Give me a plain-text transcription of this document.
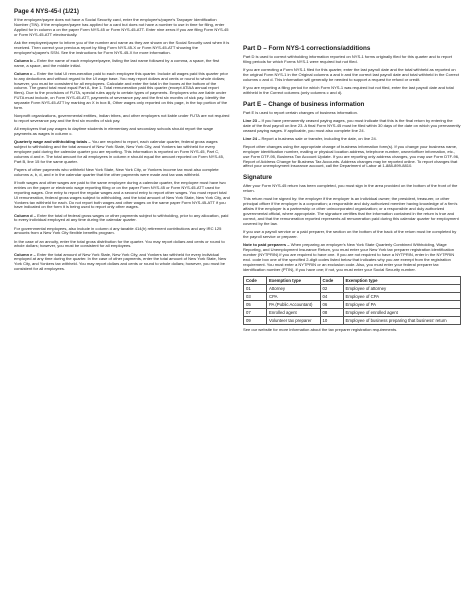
Page 4 NYS-45-I (1/21)

If the employee/payee does not have a Social Security card, enter the employee's/payee's Taxpayer Identification Number (TIN). If the employee/payee has applied for a card but does not have a number to use in time for filing, enter Applied for in column a on the paper Form NYS-45 or Form NYS-45-ATT. Enter nine zeros if you are filing Form NYS-45 or Form NYS-45-ATT electronically.

Ask the employee/payee to inform you of the number and name as they are shown on the Social Security card when it is received. Then correct your previous report by filing Form NYS-45-X or Form NYS-45-ATT showing the employee's/payee's SSN. See the instructions for Form NYS-45-X for more information.

Column b – Enter the name of each employee/payee, listing the last name followed by a comma, a space, the first name, a space, and the middle initial.

Column c – Enter the total UI remuneration paid to each employee this quarter. Include all wages paid this quarter prior to any deductions and without regard to the UI wage base. You may report dollars and cents or round to whole dollars; however, you must be consistent for all employees. Calculate and enter the total in the boxes at the bottom of the column. The grand total must equal Part A, line 1. Total remuneration paid this quarter (except ATIAA annual report filers). Due to the provisions of FUTA, special rules apply to certain types of payments. Employers who are liable under FUTA must include, on Form NYS-45-ATT, payments of severance pay and the first six months of sick pay. Identify the separate Form NYS-45-ATT by marking an X in box B, Other wages only reported on this page, in the top portion of the form.

Nonprofit organizations, governmental entities, Indian tribes, and other employers not liable under FUTA are not required to report severance pay and the first six months of sick pay.

All employers that pay wages to daytime students in elementary and secondary schools should report the wage payments as wages in column c.

Quarterly wage and withholding totals – You are required to report, each calendar quarter, federal gross wages subject to withholding and the total amount of New York State, New York City, and Yonkers tax withheld for every employee paid during the calendar quarter you are reporting. This information is reported on Form NYS-45, Part C, columns d and e. The total amount for all employees in column e should equal the amount reported on Form NYS-45, Part B, line 15 for the same quarter.

Payers of other payments who withheld New York State, New York City, or Yonkers income tax must also complete columns a, b, d, and e in the calendar quarter that the other payments were made and tax was withheld.

If both wages and other wages are paid to the same employee during a calendar quarter, the employee must have two entries on the paper or electronic wage reporting filing or on the paper Form NYS-45 or Form NYS-45-ATT used for reporting wages. One entry to report the regular wages and a second entry to report other wages. You must report total UI remuneration, federal gross wages subject to withholding, and the total amount of New York State, New York City, and Yonkers tax withheld for each. Do not report both wages and other wages on the same paper Form NYS-45-ATT if you have indicated on the form it is being used to report only other wages.

Column d – Enter the total of federal gross wages or other payments subject to withholding, prior to any allocation, paid to every individual employed at any time during the calendar quarter.

For governmental employees, also include in column d any taxable 414(h) retirement contributions and any IRC 125 amounts from a New York City flexible benefits program.

In the case of an annuity, enter the total gross distribution for the quarter. You may report dollars and cents or round to whole dollars; however, you must be consistent for all employees.

Column e – Enter the total amount of New York State, New York City, and Yonkers tax withheld for every individual employed at any time during the quarter. In the case of other payments, enter the total amount of New York State, New York City, and Yonkers tax withheld. You may report dollars and cents or round to whole dollars; however, you must be consistent for all employees.

Part D – Form NYS-1 corrections/additions

Part D is used to correct withholding information reported on NYS-1 forms originally filed for this quarter and to report filing periods for which Forms NYS-1 were required but not filed.

If you are correcting a Form NYS-1 filed for this quarter, enter the last payroll date and the total withheld as reported on the original Form NYS-1 in the Original columns a and b and the correct last payroll date and total withheld in the Correct columns c and d. This information will generally be needed to support a request for refund or credit.

If you are reporting a filing period for which Form NYS-1 was required but not filed, enter the last payroll date and total withheld in the Correct columns (only columns c and d).

Part E – Change of business information

Part E is used to report certain changes of business information.

Line 23 – If you have permanently ceased paying wages, you must indicate that this is the final return by entering the date of the final payroll on line 23. A final Form NYS-45 must be filed within 30 days of the date on which you permanently ceased paying wages. If applicable, you must also complete line 24.

Line 24 – Report a business sale or transfer, including the date, on line 24.

Report other changes using the appropriate change of business information form(s). If you change your business name, employer identification number, mailing or physical location address, telephone number, owner/officer information, etc., use Form DTF-95, Business Tax Account Update. If you are reporting only address changes, you may use Form DTF-96, Report of Address Change for Business Tax Accounts. Address changes may be reported online. To report changes that affect your unemployment insurance account, call the Department of Labor at 1-888-899-8810.

Signature

After your Form NYS-45 return has been completed, you must sign in the area provided on the bottom of the front of the return.

This return must be signed by: the employer if the employer is an individual owner; the president, treasurer, or other principal officer if the employer is a corporation; a responsible and duly authorized member having knowledge of a firm's affairs if the employer is a partnership or other unincorporated organization; or a responsible and duly authorized governmental official, where appropriate. The signature certifies that the information contained in the return is true and correct, and that the remuneration reported represents all remuneration paid during this calendar quarter for employment covered by the law.

If you use a payroll service or a paid preparer, the section on the bottom of the back of the return must be completed by the payroll service or preparer.

Note to paid preparers – When preparing an employer's New York State Quarterly Combined Withholding, Wage Reporting, and Unemployment Insurance Return, you must enter your New York tax preparer registration identification number (NYTPRIN) if you are required to have one. If you are not required to have a NYTPRIN, enter in the NYTPRIN excl. code box one of the specified 2-digit codes listed below that indicates why you are exempt from the registration requirement. You must enter a NYTPRIN or an exclusion code. Also, you must enter your federal preparer tax identification number (PTIN), if you have one; if not, you must enter your Social Security number.

Code	Exemption type	Code	Exemption type
01	Attorney	02	Employee of attorney
03	CPA	04	Employee of CPA
05	PA (Public Accountant)	06	Employee of PA
07	Enrolled agent	08	Employee of enrolled agent
09	Volunteer tax preparer	10	Employee of business preparing that business' return

See our website for more information about the tax preparer registration requirements.
